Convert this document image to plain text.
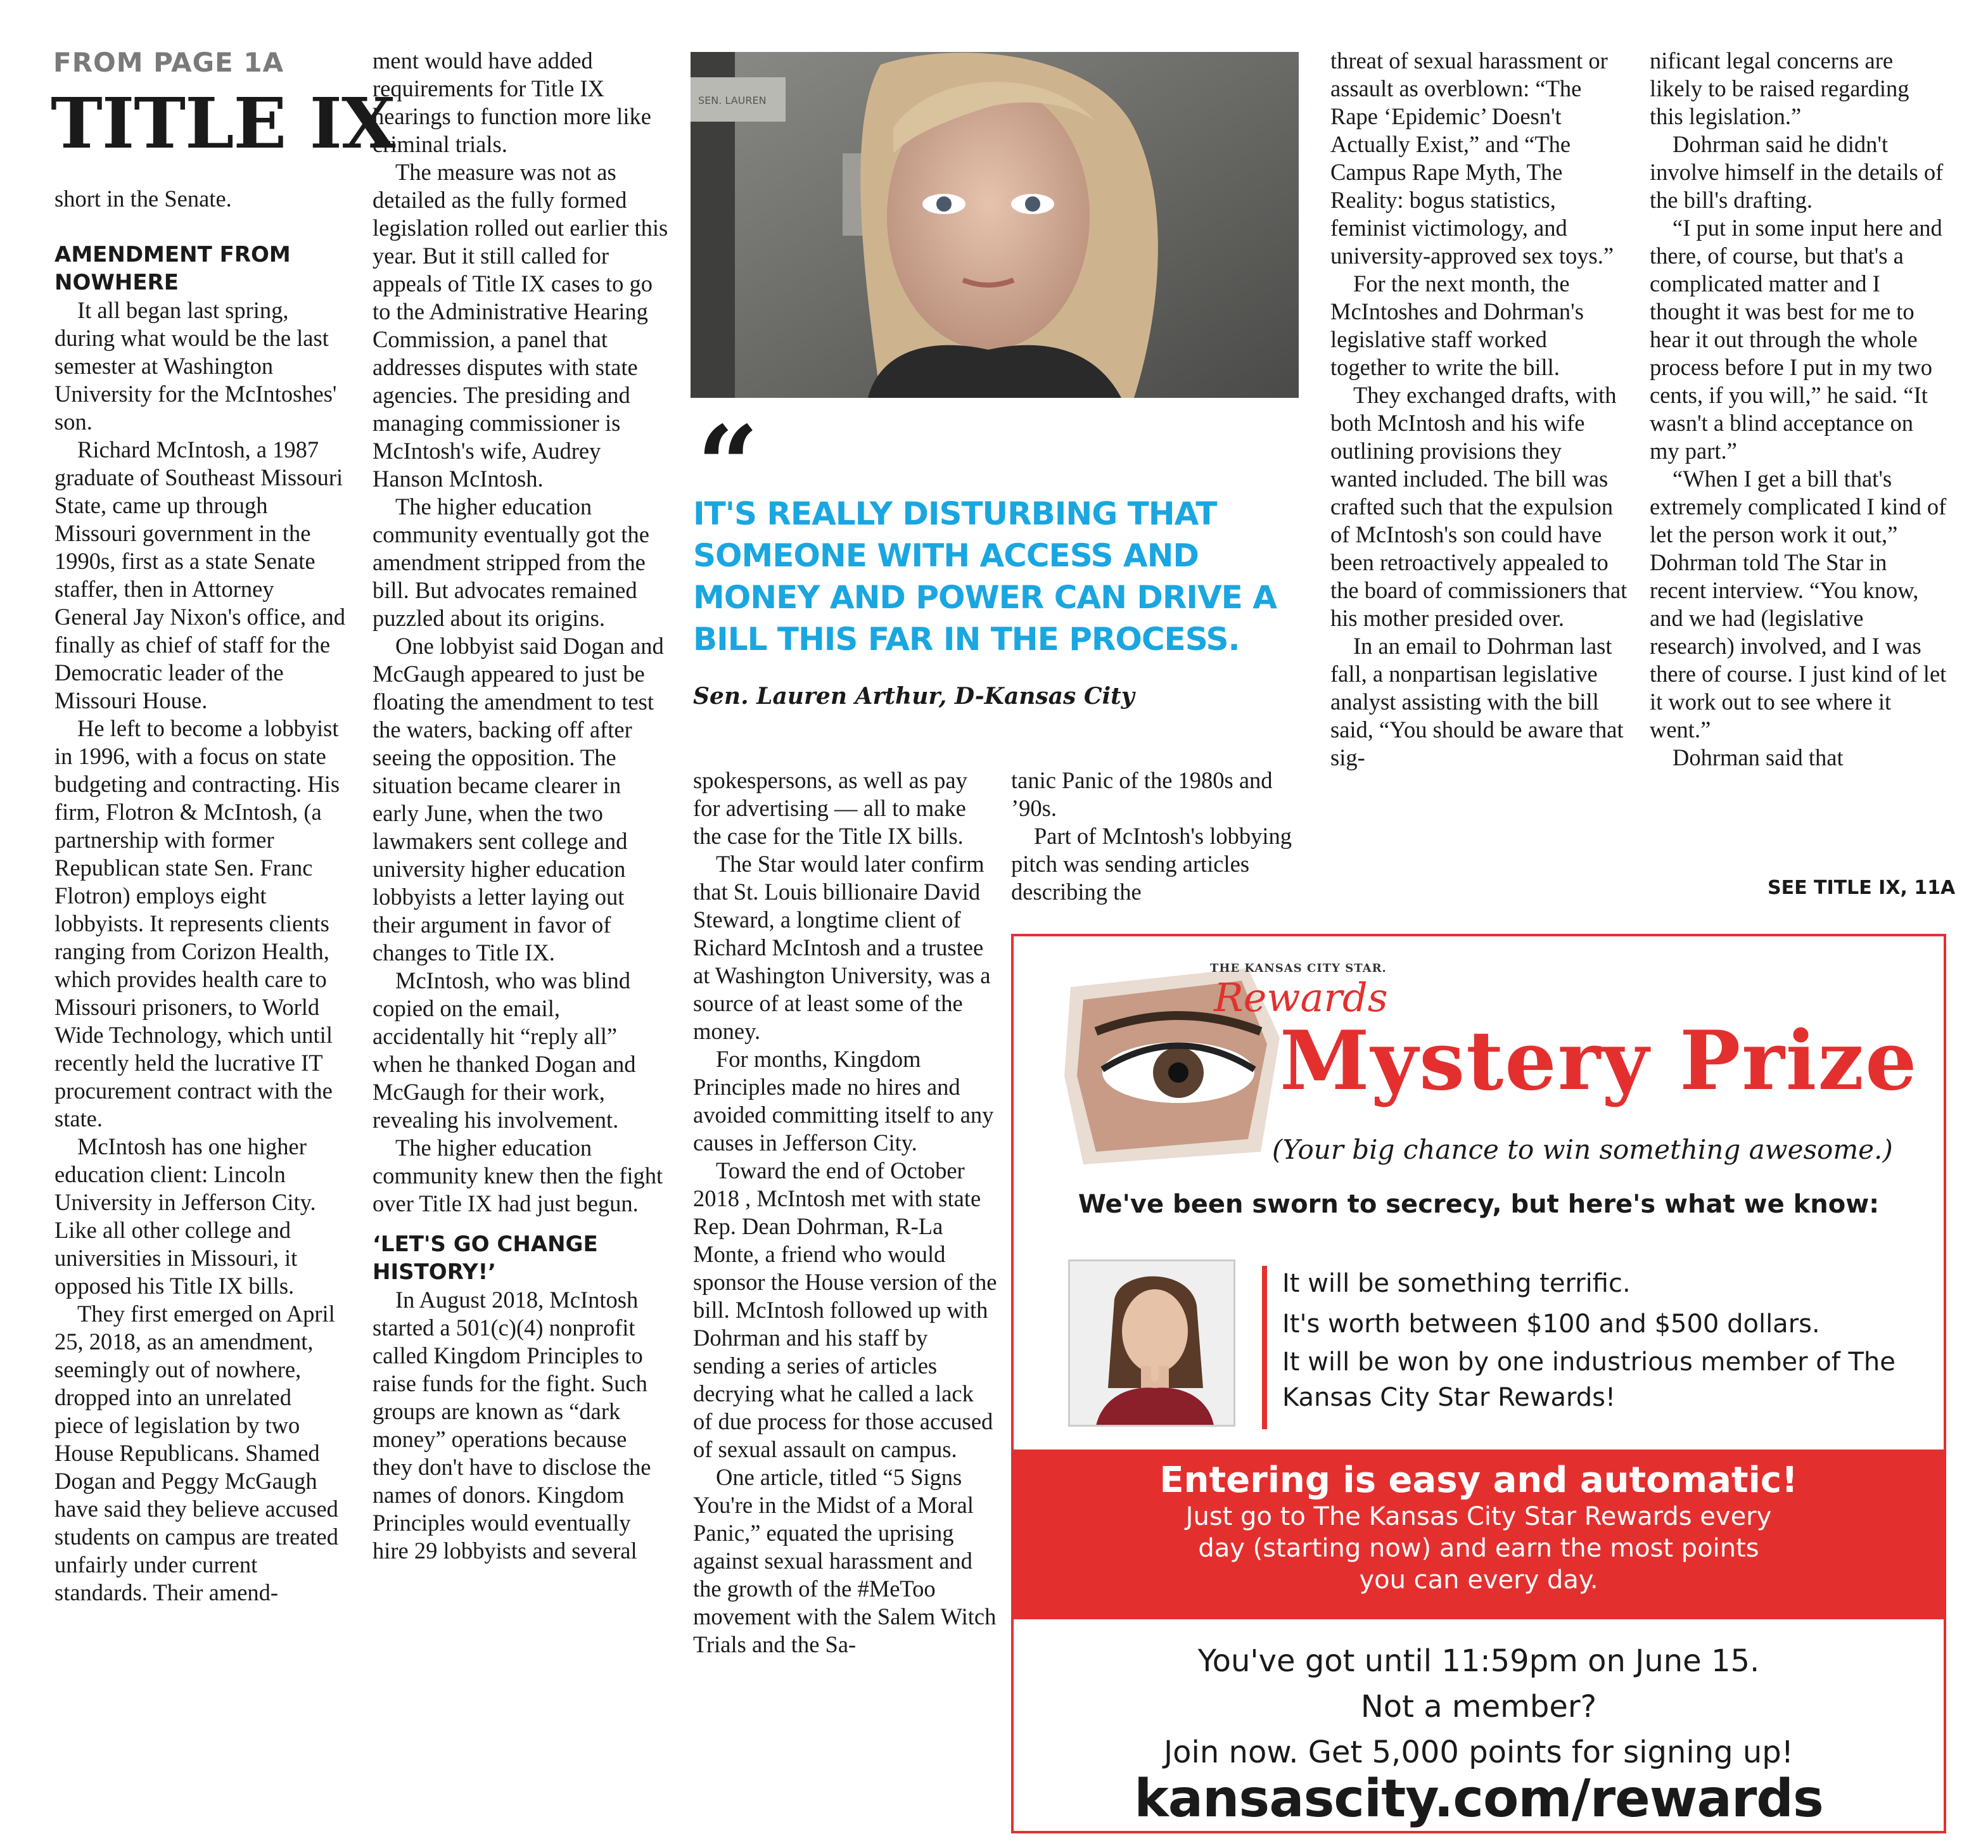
FROM PAGE 1A
TITLE IX

short in the Senate.

AMENDMENT FROM NOWHERE

It all began last spring, during what would be the last semester at Washington University for the McIntoshes' son.

Richard McIntosh, a 1987 graduate of Southeast Missouri State, came up through Missouri government in the 1990s, first as a state Senate staffer, then in Attorney General Jay Nixon's office, and finally as chief of staff for the Democratic leader of the Missouri House.

He left to become a lobbyist in 1996, with a focus on state budgeting and contracting. His firm, Flotron & McIntosh, (a partnership with former Republican state Sen. Franc Flotron) employs eight lobbyists. It represents clients ranging from Corizon Health, which provides health care to Missouri prisoners, to World Wide Technology, which until recently held the lucrative IT procurement contract with the state.

McIntosh has one higher education client: Lincoln University in Jefferson City. Like all other college and universities in Missouri, it opposed his Title IX bills.

They first emerged on April 25, 2018, as an amendment, seemingly out of nowhere, dropped into an unrelated piece of legislation by two House Republicans. Shamed Dogan and Peggy McGaugh have said they believe accused students on campus are treated unfairly under current standards. Their amend-

ment would have added requirements for Title IX hearings to function more like criminal trials.

The measure was not as detailed as the fully formed legislation rolled out earlier this year. But it still called for appeals of Title IX cases to go to the Administrative Hearing Commission, a panel that addresses disputes with state agencies. The presiding and managing commissioner is McIntosh's wife, Audrey Hanson McIntosh.

The higher education community eventually got the amendment stripped from the bill. But advocates remained puzzled about its origins.

One lobbyist said Dogan and McGaugh appeared to just be floating the amendment to test the waters, backing off after seeing the opposition. The situation became clearer in early June, when the two lawmakers sent college and university higher education lobbyists a letter laying out their argument in favor of changes to Title IX.

McIntosh, who was blind copied on the email, accidentally hit “reply all” when he thanked Dogan and McGaugh for their work, revealing his involvement.

The higher education community knew then the fight over Title IX had just begun.

‘LET'S GO CHANGE HISTORY!’

In August 2018, McIntosh started a 501(c)(4) nonprofit called Kingdom Principles to raise funds for the fight. Such groups are known as “dark money” operations because they don't have to disclose the names of donors. Kingdom Principles would eventually hire 29 lobbyists and several

SEN. LAUREN
“
IT'S REALLY DISTURBING THAT SOMEONE WITH ACCESS AND MONEY AND POWER CAN DRIVE A BILL THIS FAR IN THE PROCESS.
Sen. Lauren Arthur, D-Kansas City

spokespersons, as well as pay for advertising — all to make the case for the Title IX bills.

The Star would later confirm that St. Louis billionaire David Steward, a longtime client of Richard McIntosh and a trustee at Washington University, was a source of at least some of the money.

For months, Kingdom Principles made no hires and avoided committing itself to any causes in Jefferson City.

Toward the end of October 2018 , McIntosh met with state Rep. Dean Dohrman, R-La Monte, a friend who would sponsor the House version of the bill. McIntosh followed up with Dohrman and his staff by sending a series of articles decrying what he called a lack of due process for those accused of sexual assault on campus.

One article, titled “5 Signs You're in the Midst of a Moral Panic,” equated the uprising against sexual harassment and the growth of the #MeToo movement with the Salem Witch Trials and the Sa-

tanic Panic of the 1980s and ’90s.

Part of McIntosh's lobbying pitch was sending articles describing the

threat of sexual harassment or assault as overblown: “The Rape ‘Epidemic’ Doesn't Actually Exist,” and “The Campus Rape Myth, The Reality: bogus statistics, feminist victimology, and university-approved sex toys.”

For the next month, the McIntoshes and Dohrman's legislative staff worked together to write the bill.

They exchanged drafts, with both McIntosh and his wife outlining provisions they wanted included. The bill was crafted such that the expulsion of McIntosh's son could have been retroactively appealed to the board of commissioners that his mother presided over.

In an email to Dohrman last fall, a nonpartisan legislative analyst assisting with the bill said, “You should be aware that sig-

nificant legal concerns are likely to be raised regarding this legislation.”

Dohrman said he didn't involve himself in the details of the bill's drafting.

“I put in some input here and there, of course, but that's a complicated matter and I thought it was best for me to hear it out through the whole process before I put in my two cents, if you will,” he said. “It wasn't a blind acceptance on my part.”

“When I get a bill that's extremely complicated I kind of let the person work it out,” Dohrman told The Star in recent interview. “You know, and we had (legislative research) involved, and I was there of course. I just kind of let it work out to see where it went.”

Dohrman said that

SEE TITLE IX, 11A
THE KANSAS CITY STAR.
Rewards
Mystery Prize
(Your big chance to win something awesome.)
We've been sworn to secrecy, but here's what we know:
It will be something terrific.
It's worth between $100 and $500 dollars.
It will be won by one industrious member of The Kansas City Star Rewards!
Entering is easy and automatic!
Just go to The Kansas City Star Rewards every day (starting now) and earn the most points you can every day.
You've got until 11:59pm on June 15.
Not a member?
Join now. Get 5,000 points for signing up!
kansascity.com/rewards
